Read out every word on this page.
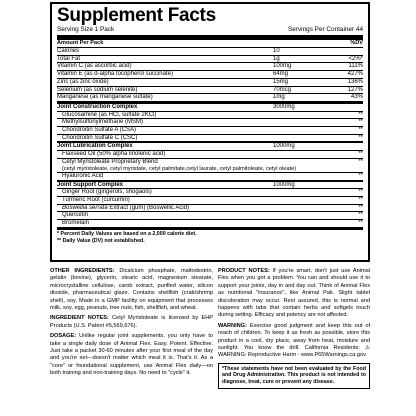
Supplement Facts
Serving Size 1 Pack	Servings Per Container 44
Amount Per Pack	%DV
Calories	10
Total Fat	1g	<2%*
Vitamin C (as ascorbic acid)	100mg	111%
Vitamin E (as d-alpha tocopherol succinate)	64mg	427%
Zinc (as zinc oxide)	15mg	136%
Selenium (as sodium selenite)	70mcg	127%
Manganese (as manganese sulfate)	1mg	43%
Joint Construction Complex	3000mg
Glucosamine (as HCl, sulfate 2KCl)	**
Methylsulfonylmethane (MSM)	**
Chondroitin Sulfate A (CSA)	**
Chondroitin Sulfate C (CSC)	**
Joint Lubrication Complex	1000mg
Flaxseed Oil (50% alpha linolenic acid)	**
Cetyl Myristoleate Proprietary Blend	**
(cetyl myristoleate, cetyl myristate, cetyl palmitate,cetyl laurate, cetyl palmitoleate, cetyl oleate)
Hyaluronic Acid	**
Joint Support Complex	1000mg
Ginger Root (gingerols, shogaols)	**
Turmeric Root (curcumin)	**
Boswellia serrata Extract (gum) (Boswellic Acid)	**
Quercetin	**
Bromelain	**
* Percent Daily Values are based on a 2,000 calorie diet.
** Daily Value (DV) not established.

OTHER INGREDIENTS: Dicalcium phosphate, maltodextrin, gelatin (bovine), glycerin, stearic acid, magnesium stearate, microcrystalline cellulose, carob extract, purified water, silicon dioxide, pharmaceutical glaze. Contains shellfish (crab/shrimp shell), soy. Made in a GMP facility on equipment that processes milk, soy, egg, peanuts, tree nuts, fish, shellfish, and wheat.

INGREDIENT NOTES: Cetyl Myristoleate is licensed by EHP Products (U.S. Patent #5,569,676).

DOSAGE: Unlike regular joint supplements, you only have to take a single daily dose of Animal Flex. Easy. Potent. Effective. Just take a packet 30-60 minutes after your first meal of the day and you're set—doesn't matter which meal it is. That's it. As a "core" or foundational supplement, use Animal Flex daily—on both training and non-training days. No need to "cycle" it.

PRODUCT NOTES: If you're smart, don't just use Animal Flex when you got a problem. You can and should use it to support your joints, day in and day out. Think of Animal Flex as nutritional "insurance", like Animal Pak. Slight tablet discoloration may occur. Rest assured, this is normal and happens with tabs that contain herbs and softgels touch during setting. Efficacy and potency are not affected.

WARNING: Exercise good judgment and keep this out of reach of children. To keep it as fresh as possible, store this product in a cool, dry place, away from heat, moisture and sunlight. You know the drill. California Residents: ⚠ WARNING: Reproductive Harm - www.P65Warnings.ca.gov.

*These statements have not been evaluated by the Food and Drug Administration. This product is not intended to diagnose, treat, cure or prevent any disease.
